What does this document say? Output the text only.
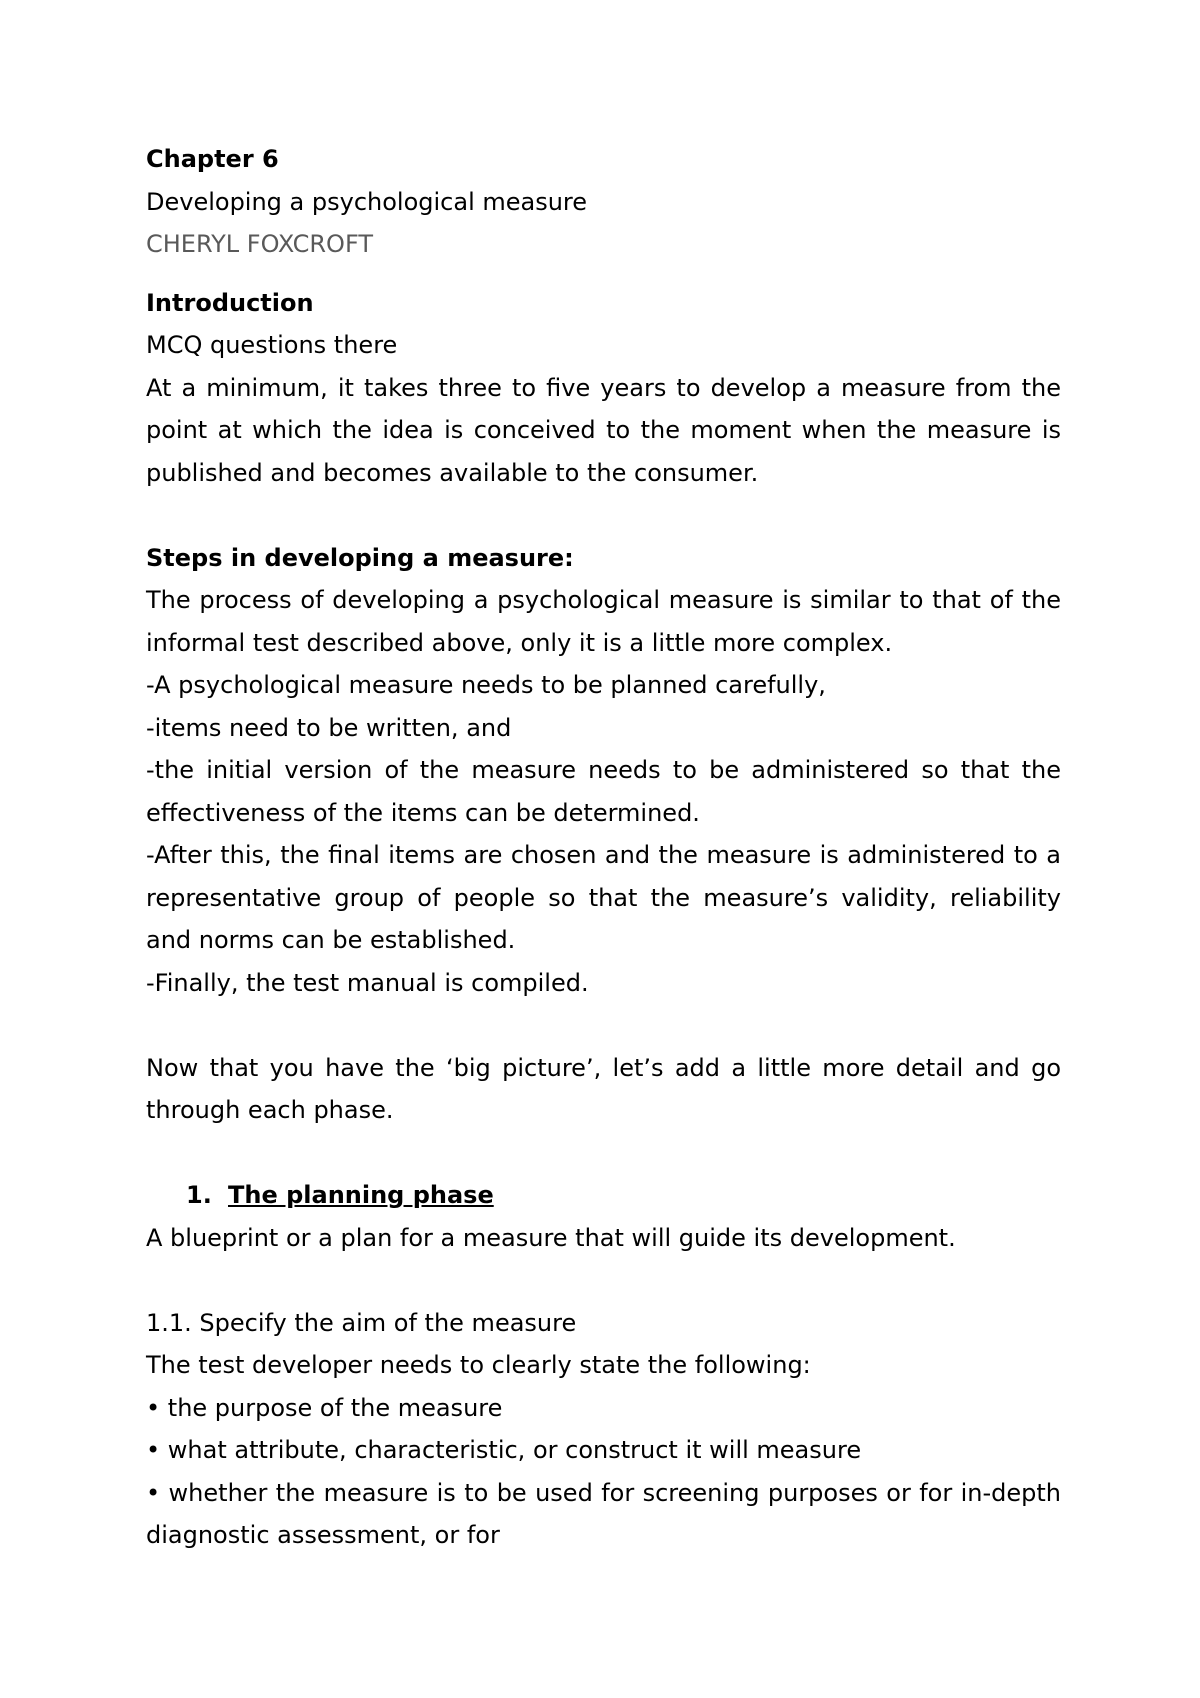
Chapter 6

Developing a psychological measure

CHERYL FOXCROFT

Introduction

MCQ questions there

At a minimum, it takes three to five years to develop a measure from the point at which the idea is conceived to the moment when the measure is published and becomes available to the consumer.

Steps in developing a measure:

The process of developing a psychological measure is similar to that of the informal test described above, only it is a little more complex.

-A psychological measure needs to be planned carefully,

-items need to be written, and

-the initial version of the measure needs to be administered so that the effectiveness of the items can be determined.

-After this, the final items are chosen and the measure is administered to a representative group of people so that the measure’s validity, reliability and norms can be established.

-Finally, the test manual is compiled.

Now that you have the ‘big picture’, let’s add a little more detail and go through each phase.

1. The planning phase

A blueprint or a plan for a measure that will guide its development.

1.1. Specify the aim of the measure

The test developer needs to clearly state the following:

• the purpose of the measure

• what attribute, characteristic, or construct it will measure

• whether the measure is to be used for screening purposes or for in-depth diagnostic assessment, or for
